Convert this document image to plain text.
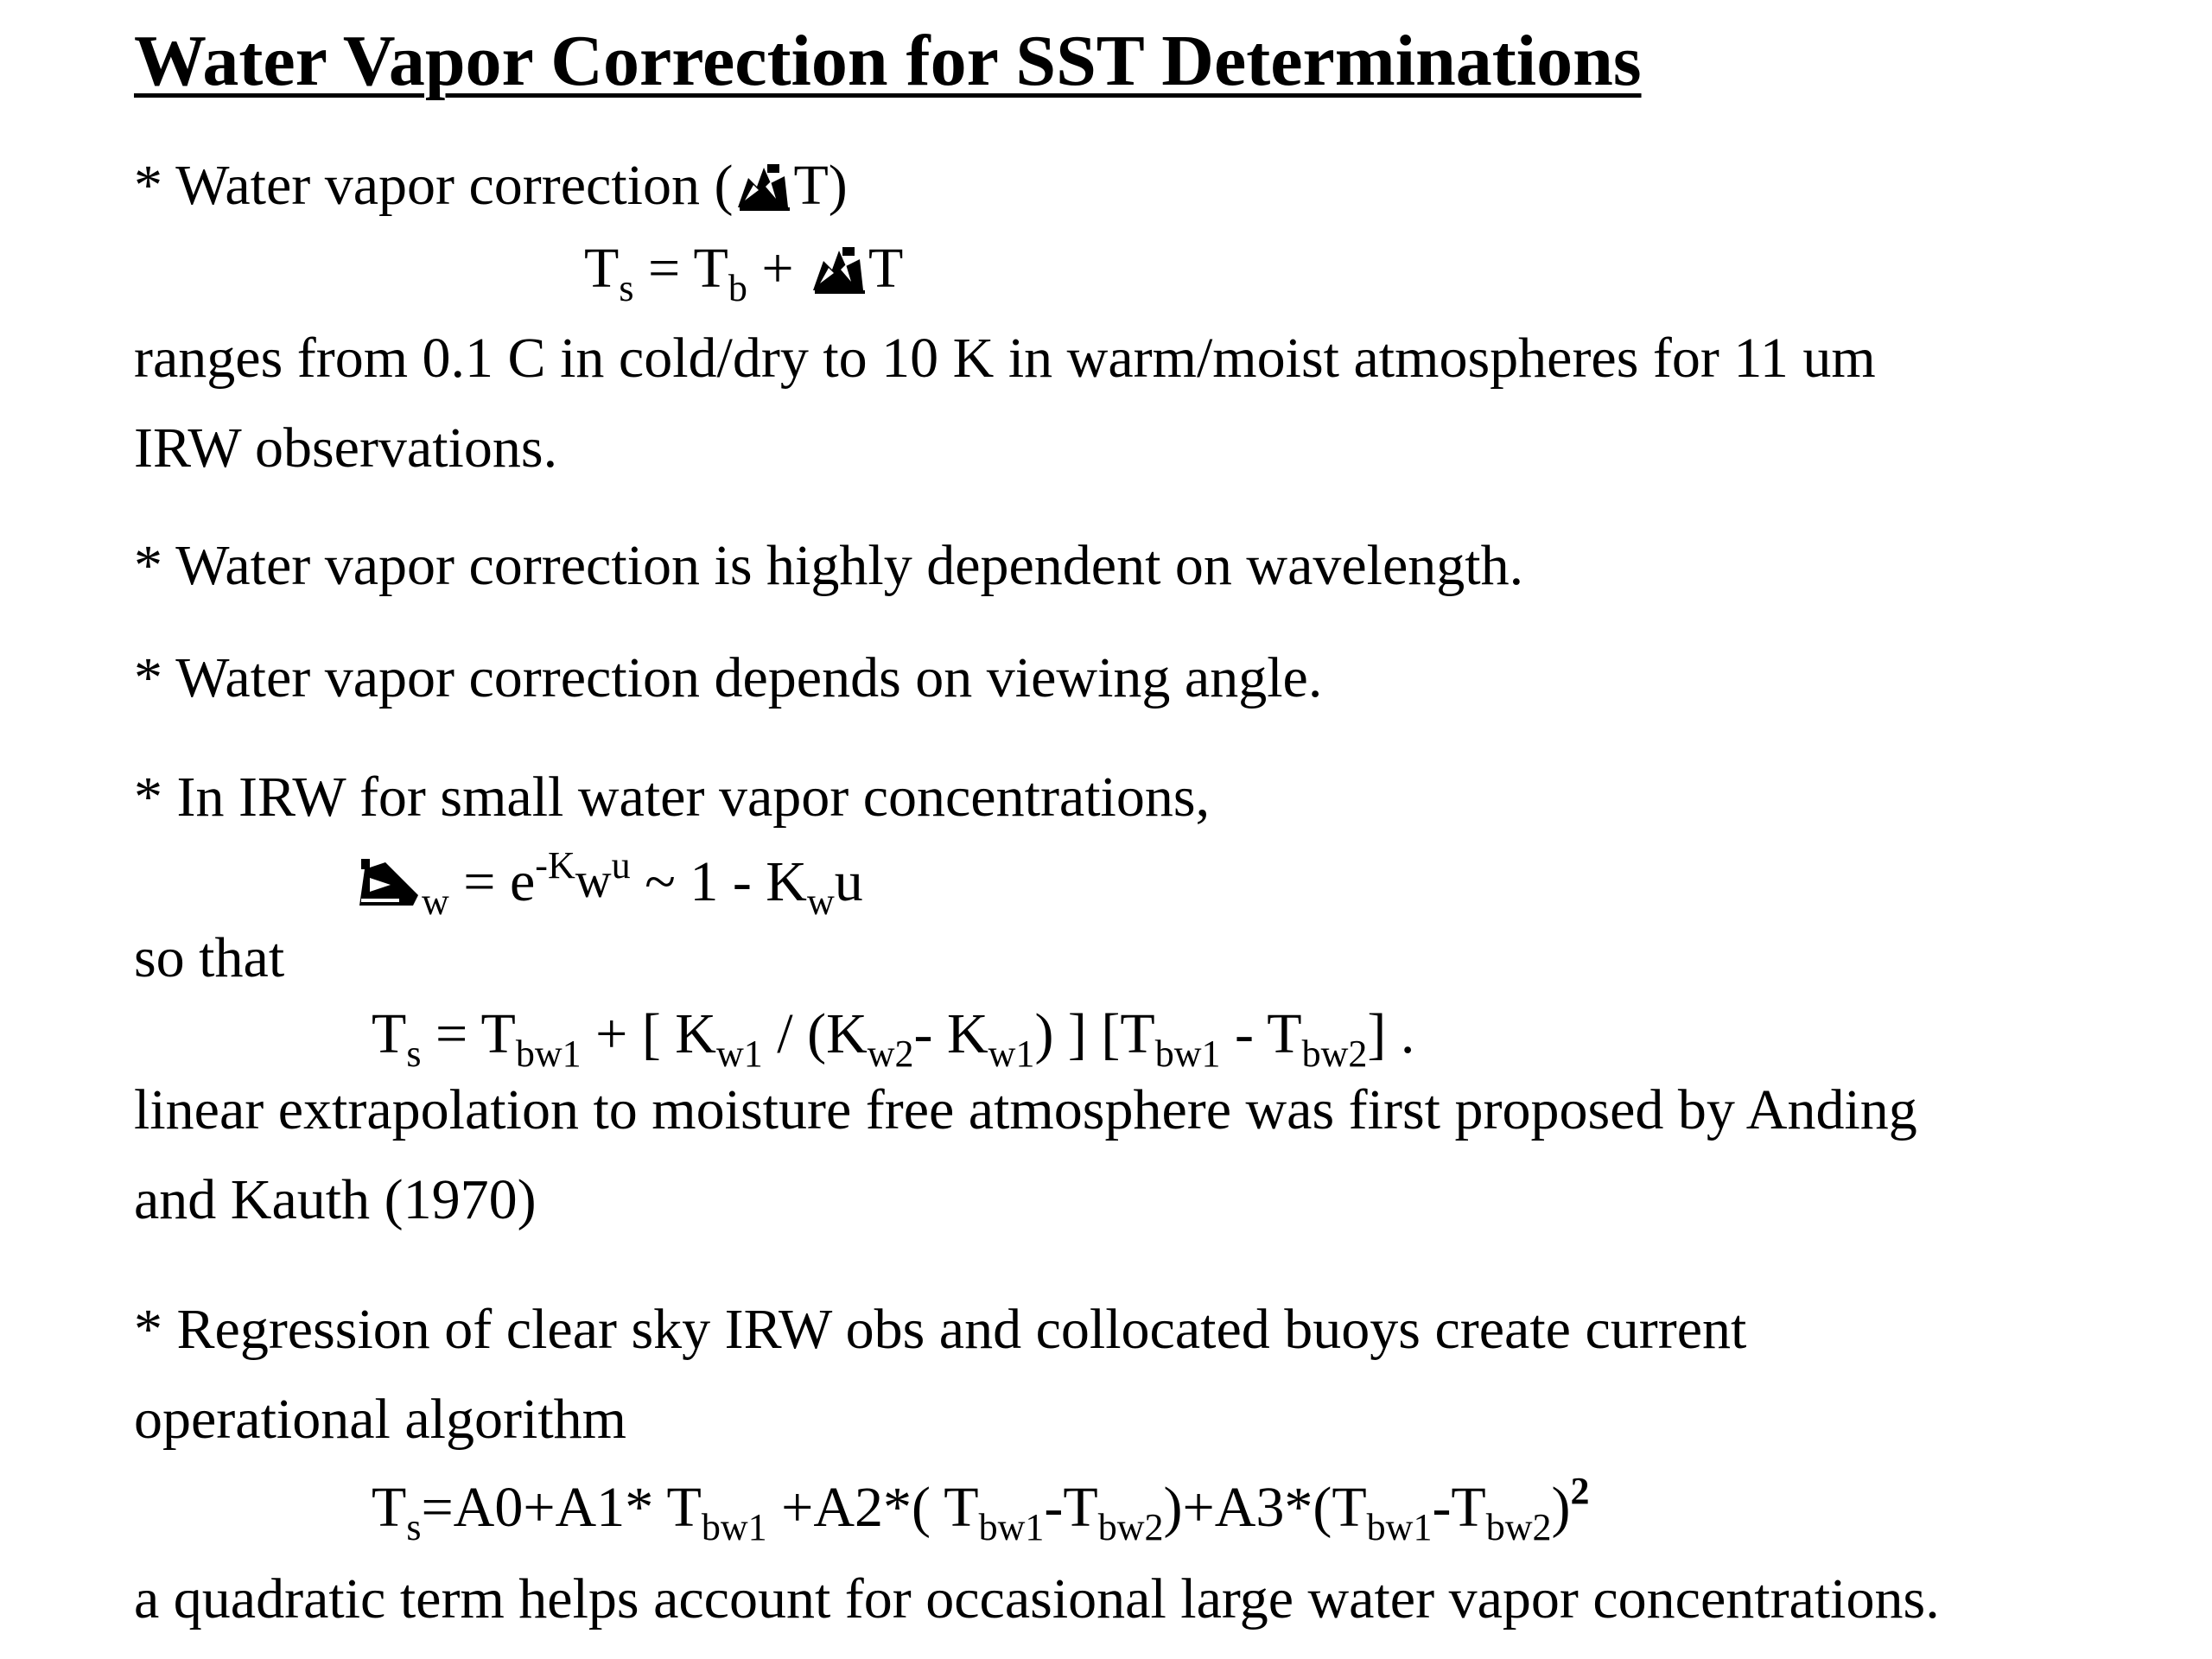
Water Vapor Correction for SST Determinations
* Water vapor correction ( T)
$T_s = T_b$ +
T
ranges from 0.1 C in cold/dry to 10 K in warm/moist atmospheres for 11 um
IRW observations.
* Water vapor correction is highly dependent on wavelength.
* Water vapor correction depends on viewing angle.
* In IRW for small water vapor concentrations,
$_w = e^{-K}w^u$ ~ $1 - K_wu$
so that
$T_s = T_{bw1}$ + [ $K_{w1} / (K_{w2}-$ $K_{w1}$) ] $[T_{bw1} - T_{bw2}]$ .
linear extrapolation to moisture free atmosphere was first proposed by Anding
and Kauth (1970)
* Regression of clear sky IRW obs and collocated buoys create current
operational algorithm
$T_s=A0+A1*$ $T_{bw1} +A2*$( $T_{bw1}-T_{bw2})+A3*(T_{bw1}-T_{bw2})^2$
a quadratic term helps account for occasional large water vapor concentrations.
